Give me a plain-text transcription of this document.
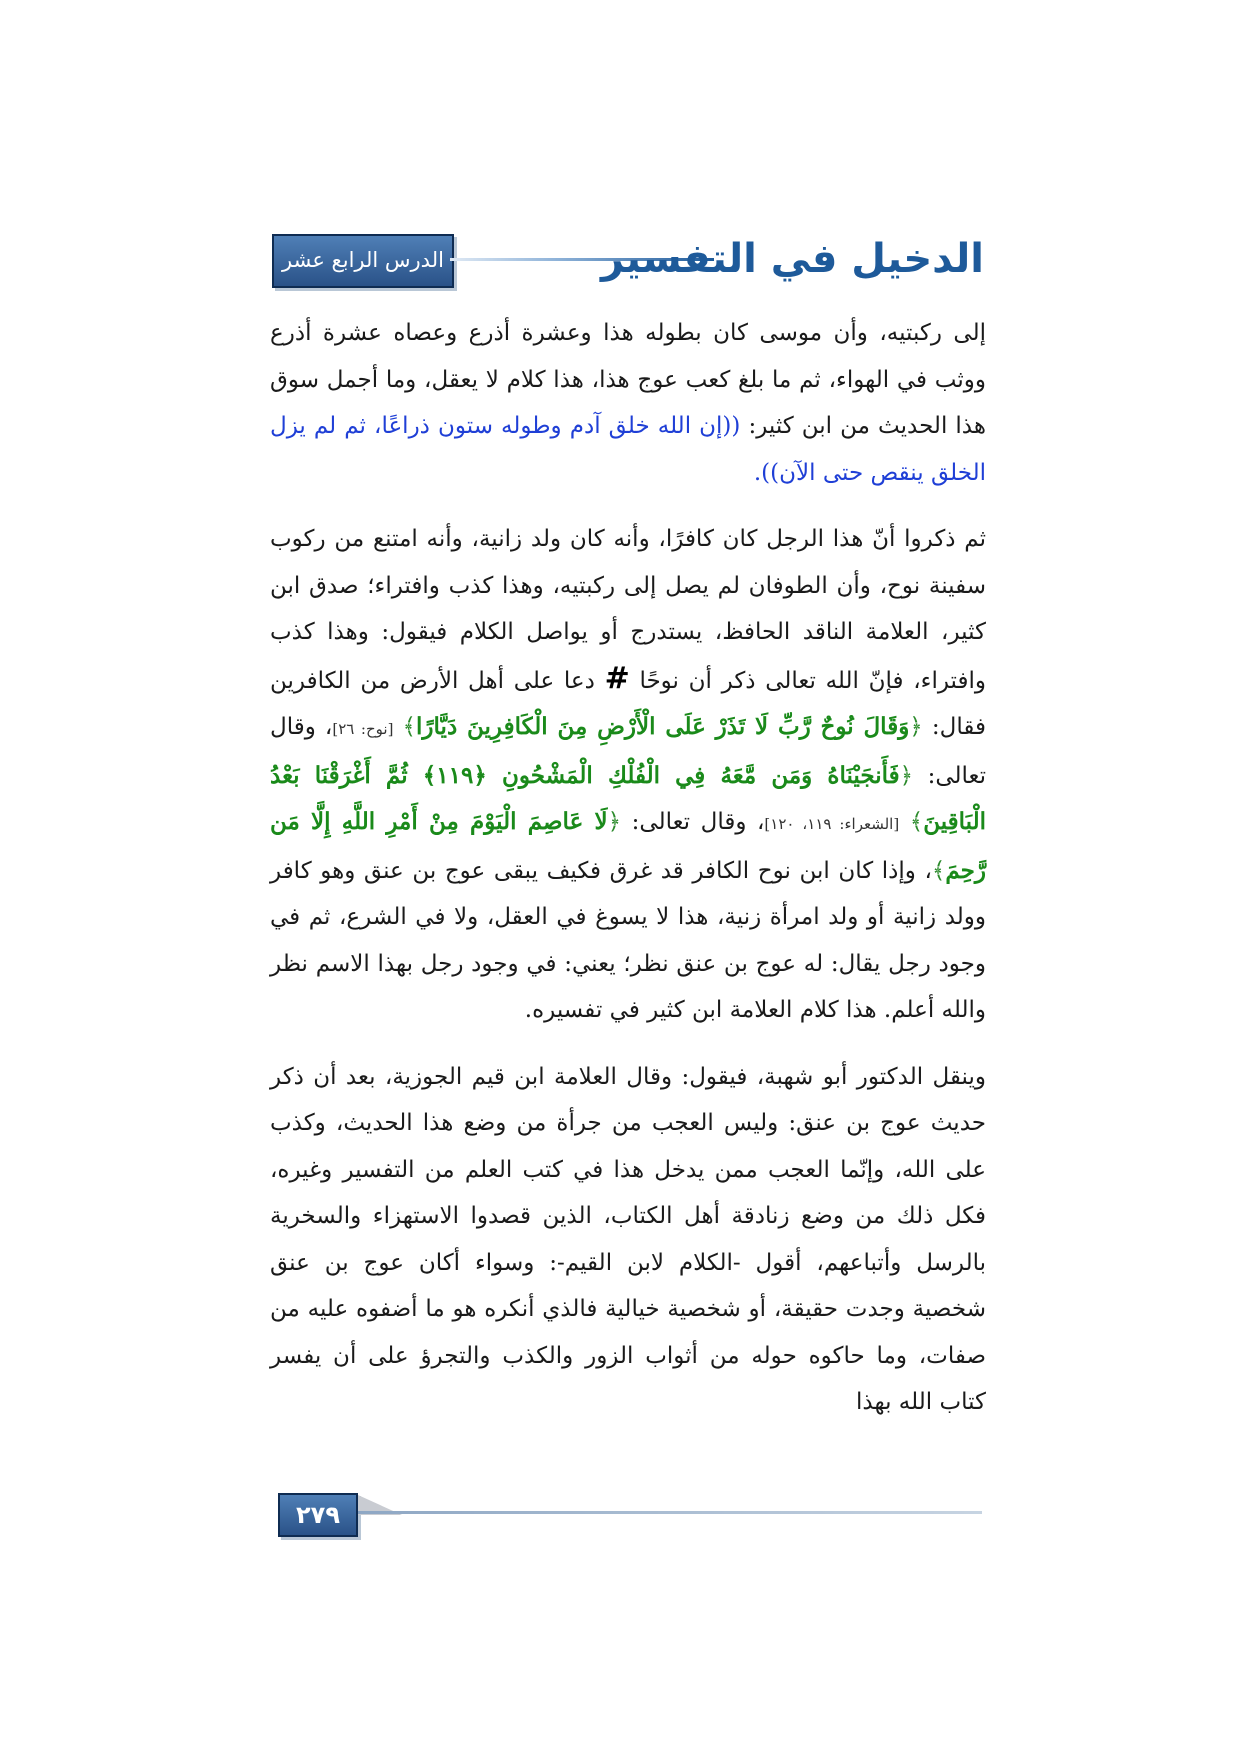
الدرس الرابع عشر	الدخيل في التفسير

إلى ركبتيه، وأن موسى كان بطوله هذا وعشرة أذرع وعصاه عشرة أذرع ووثب في الهواء، ثم ما بلغ كعب عوج هذا، هذا كلام لا يعقل، وما أجمل سوق هذا الحديث من ابن كثير: ((إن الله خلق آدم وطوله ستون ذراعًا، ثم لم يزل الخلق ينقص حتى الآن)).

ثم ذكروا أنّ هذا الرجل كان كافرًا، وأنه كان ولد زانية، وأنه امتنع من ركوب سفينة نوح، وأن الطوفان لم يصل إلى ركبتيه، وهذا كذب وافتراء؛ صدق ابن كثير، العلامة الناقد الحافظ، يستدرج أو يواصل الكلام فيقول: وهذا كذب وافتراء، فإنّ الله تعالى ذكر أن نوحًا # دعا على أهل الأرض من الكافرين فقال: ﴿وَقَالَ نُوحٌ رَّبِّ لَا تَذَرْ عَلَى الْأَرْضِ مِنَ الْكَافِرِينَ دَيَّارًا﴾ [نوح: ٢٦]، وقال تعالى: ﴿فَأَنجَيْنَاهُ وَمَن مَّعَهُ فِي الْفُلْكِ الْمَشْحُونِ ﴿١١٩﴾ ثُمَّ أَغْرَقْنَا بَعْدُ الْبَاقِينَ﴾ [الشعراء: ١١٩، ١٢٠]، وقال تعالى: ﴿لَا عَاصِمَ الْيَوْمَ مِنْ أَمْرِ اللَّهِ إِلَّا مَن رَّحِمَ﴾، وإذا كان ابن نوح الكافر قد غرق فكيف يبقى عوج بن عنق وهو كافر وولد زانية أو ولد امرأة زنية، هذا لا يسوغ في العقل، ولا في الشرع، ثم في وجود رجل يقال: له عوج بن عنق نظر؛ يعني: في وجود رجل بهذا الاسم نظر والله أعلم. هذا كلام العلامة ابن كثير في تفسيره.

وينقل الدكتور أبو شهبة، فيقول: وقال العلامة ابن قيم الجوزية، بعد أن ذكر حديث عوج بن عنق: وليس العجب من جرأة من وضع هذا الحديث، وكذب على الله، وإنّما العجب ممن يدخل هذا في كتب العلم من التفسير وغيره، فكل ذلك من وضع زنادقة أهل الكتاب، الذين قصدوا الاستهزاء والسخرية بالرسل وأتباعهم، أقول -الكلام لابن القيم-: وسواء أكان عوج بن عنق شخصية وجدت حقيقة، أو شخصية خيالية فالذي أنكره هو ما أضفوه عليه من صفات، وما حاكوه حوله من أثواب الزور والكذب والتجرؤ على أن يفسر كتاب الله بهذا

٢٧٩
